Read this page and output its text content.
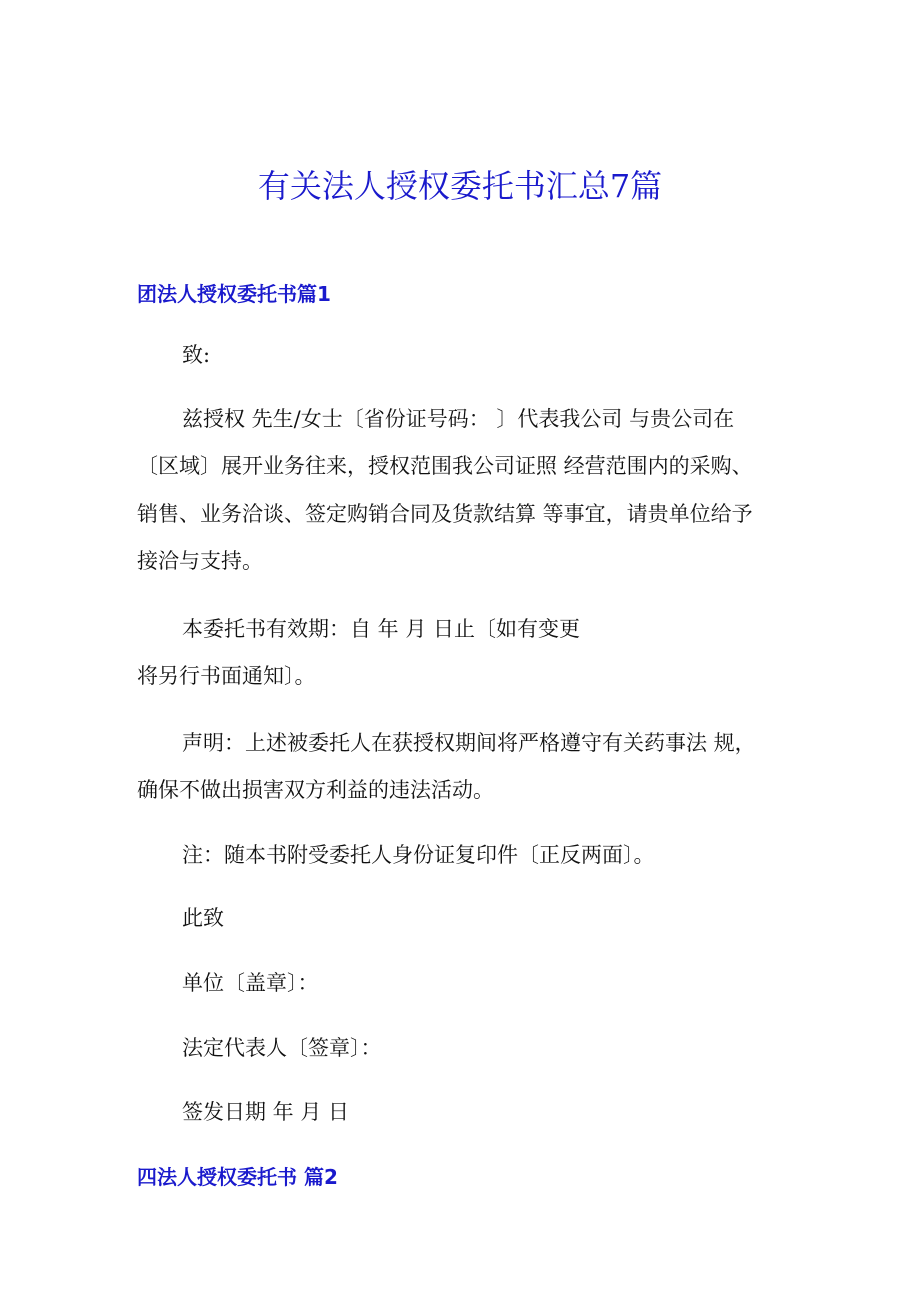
有关法人授权委托书汇总7篇
团法人授权委托书篇1
致:
兹授权 先生/女士〔省份证号码： 〕代表我公司 与贵公司在
〔区域〕展开业务往来，授权范围我公司证照 经营范围内的采购、
销售、业务洽谈、签定购销合同及货款结算 等事宜，请贵单位给予
接洽与支持。
本委托书有效期：自 年 月 日止〔如有变更
将另行书面通知〕。
声明：上述被委托人在获授权期间将严格遵守有关药事法 规，
确保不做出损害双方利益的违法活动。
注：随本书附受委托人身份证复印件〔正反两面〕。
此致
单位〔盖章〕：
法定代表人〔签章〕：
签发日期 年 月 日
四法人授权委托书 篇2
